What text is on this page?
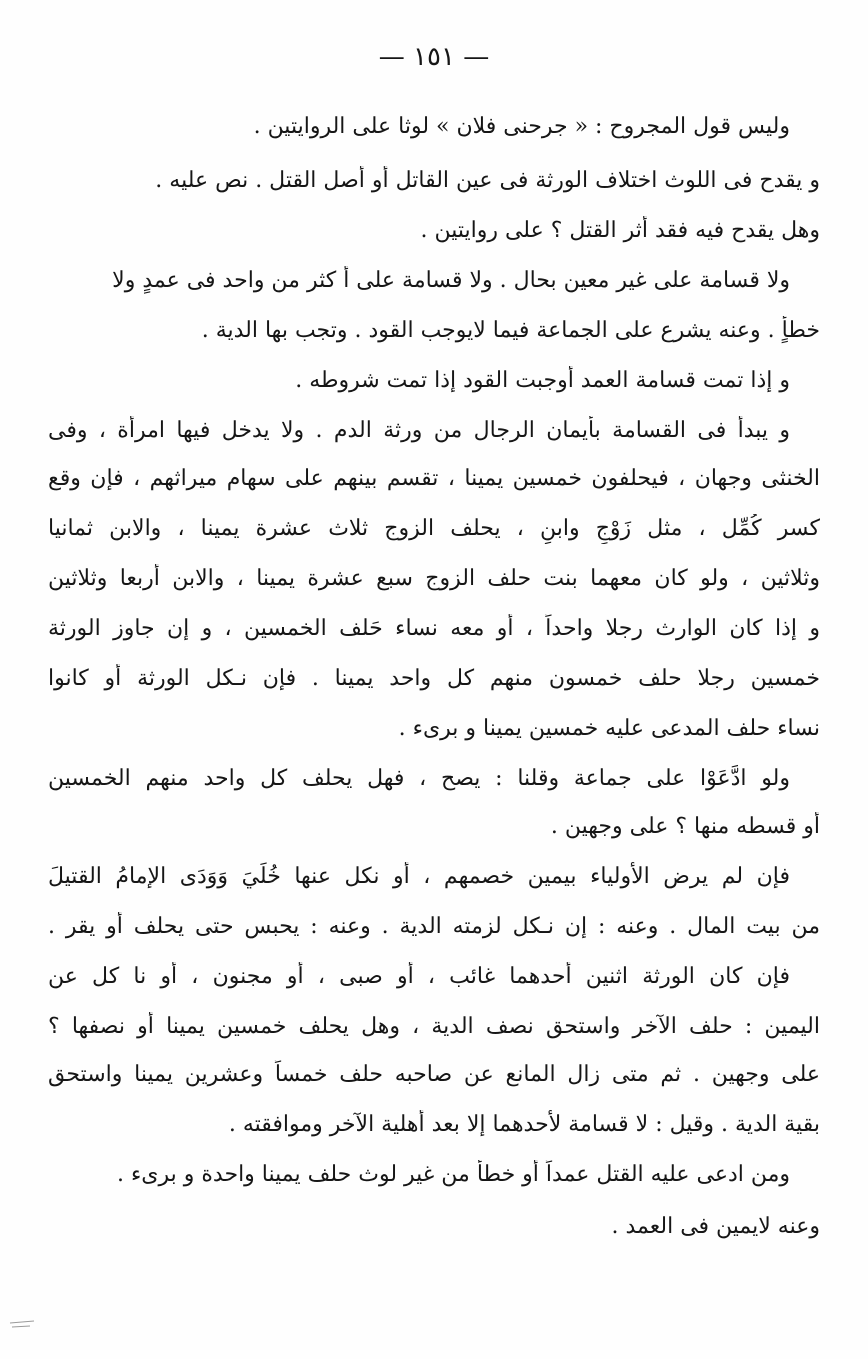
— ١٥١ —
وليس قول المجروح : « جرحنى فلان » لوثا على الروايتين .
و يقدح فى اللوث اختلاف الورثة فى عين القاتل أو أصل القتل . نص عليه .
وهل يقدح فيه فقد أثر القتل ؟ على روايتين .
ولا قسامة على غير معين بحال . ولا قسامة على أ كثر من واحد فى عمدٍ ولا
خطأٍ . وعنه يشرع على الجماعة فيما لايوجب القود . وتجب بها الدية .
و إذا تمت قسامة العمد أوجبت القود إذا تمت شروطه .
و يبدأ فى القسامة بأيمان الرجال من ورثة الدم . ولا يدخل فيها امرأة ، وفى
الخنثى وجهان ، فيحلفون خمسين يمينا ، تقسم بينهم على سهام ميراثهم ، فإن وقع
كسر كُمِّل ، مثل زَوْجٍ وابنٍ ، يحلف الزوج ثلاث عشرة يمينا ، والابن ثمانيا
وثلاثين ، ولو كان معهما بنت حلف الزوج سبع عشرة يمينا ، والابن أربعا وثلاثين
و إذا كان الوارث رجلا واحداً ، أو معه نساء حَلف الخمسين ، و إن جاوز الورثة
خمسين رجلا حلف خمسون منهم كل واحد يمينا . فإن نـكل الورثة أو كانوا
نساء حلف المدعى عليه خمسين يمينا و برىء .
ولو ادَّعَوْا على جماعة وقلنا : يصح ، فهل يحلف كل واحد منهم الخمسين
أو قسطه منها ؟ على وجهين .
فإن لم يرض الأولياء بيمين خصمهم ، أو نكل عنها خُلِّيَ وَوَدَى الإمامُ القتيلَ
من بيت المال . وعنه : إن نـكل لزمته الدية . وعنه : يحبس حتى يحلف أو يقر .
فإن كان الورثة اثنين أحدهما غائب ، أو صبى ، أو مجنون ، أو نا كل عن
اليمين : حلف الآخر واستحق نصف الدية ، وهل يحلف خمسين يمينا أو نصفها ؟
على وجهين . ثم متى زال المانع عن صاحبه حلف خمساً وعشرين يمينا واستحق
بقية الدية . وقيل : لا قسامة لأحدهما إلا بعد أهلية الآخر وموافقته .
ومن ادعى عليه القتل عمداً أو خطأ من غير لوث حلف يمينا واحدة و برىء .
وعنه لايمين فى العمد .
